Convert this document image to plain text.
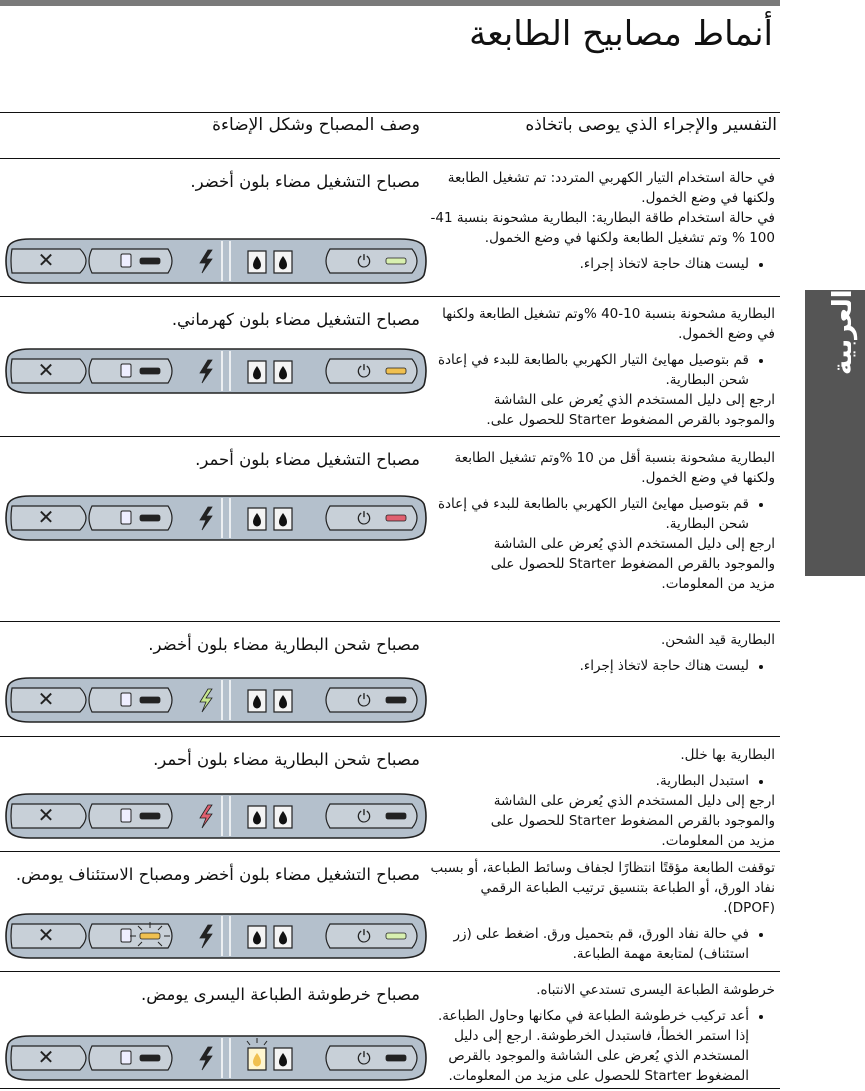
أنماط مصابيح الطابعة
العربية
التفسير والإجراء الذي يوصى باتخاذه
وصف المصباح وشكل الإضاءة
مصباح التشغيل مضاء بلون أخضر.
✕	⏻

في حالة استخدام التيار الكهربي المتردد: تم تشغيل الطابعة

ولكنها في وضع الخمول.

في حالة استخدام طاقة البطارية: البطارية مشحونة بنسبة 41-

100 % وتم تشغيل الطابعة ولكنها في وضع الخمول.

• ليست هناك حاجة لاتخاذ إجراء.
مصباح التشغيل مضاء بلون كهرماني.
✕	⏻

البطارية مشحونة بنسبة 10-40 %وتم تشغيل الطابعة ولكنها

في وضع الخمول.

• قم بتوصيل مهايئ التيار الكهربي بالطابعة للبدء في إعادة شحن البطارية.

ارجع إلى دليل المستخدم الذي يُعرض على الشاشة

والموجود بالقرص المضغوط Starter للحصول على.

مصباح التشغيل مضاء بلون أحمر.
✕	⏻

البطارية مشحونة بنسبة أقل من 10 %وتم تشغيل الطابعة

ولكنها في وضع الخمول.

• قم بتوصيل مهايئ التيار الكهربي بالطابعة للبدء في إعادة شحن البطارية.

ارجع إلى دليل المستخدم الذي يُعرض على الشاشة

والموجود بالقرص المضغوط Starter للحصول على

مزيد من المعلومات.

مصباح شحن البطارية مضاء بلون أخضر.
✕	⏻

البطارية قيد الشحن.

• ليست هناك حاجة لاتخاذ إجراء.
مصباح شحن البطارية مضاء بلون أحمر.
✕	⏻

البطارية بها خلل.

• استبدل البطارية.

ارجع إلى دليل المستخدم الذي يُعرض على الشاشة

والموجود بالقرص المضغوط Starter للحصول على

مزيد من المعلومات.

مصباح التشغيل مضاء بلون أخضر ومصباح الاستئناف يومض.
✕	⏻

توقفت الطابعة مؤقتًا انتظارًا لجفاف وسائط الطباعة، أو بسبب

نفاد الورق، أو الطباعة بتنسيق ترتيب الطباعة الرقمي

(DPOF).

• في حالة نفاد الورق، قم بتحميل ورق. اضغط على (زر استئناف) لمتابعة مهمة الطباعة.
مصباح خرطوشة الطباعة اليسرى يومض.
✕	⏻

خرطوشة الطباعة اليسرى تستدعي الانتباه.

• أعد تركيب خرطوشة الطباعة في مكانها وحاول الطباعة. إذا استمر الخطأ، فاستبدل الخرطوشة. ارجع إلى دليل المستخدم الذي يُعرض على الشاشة والموجود بالقرص المضغوط Starter للحصول على مزيد من المعلومات.
